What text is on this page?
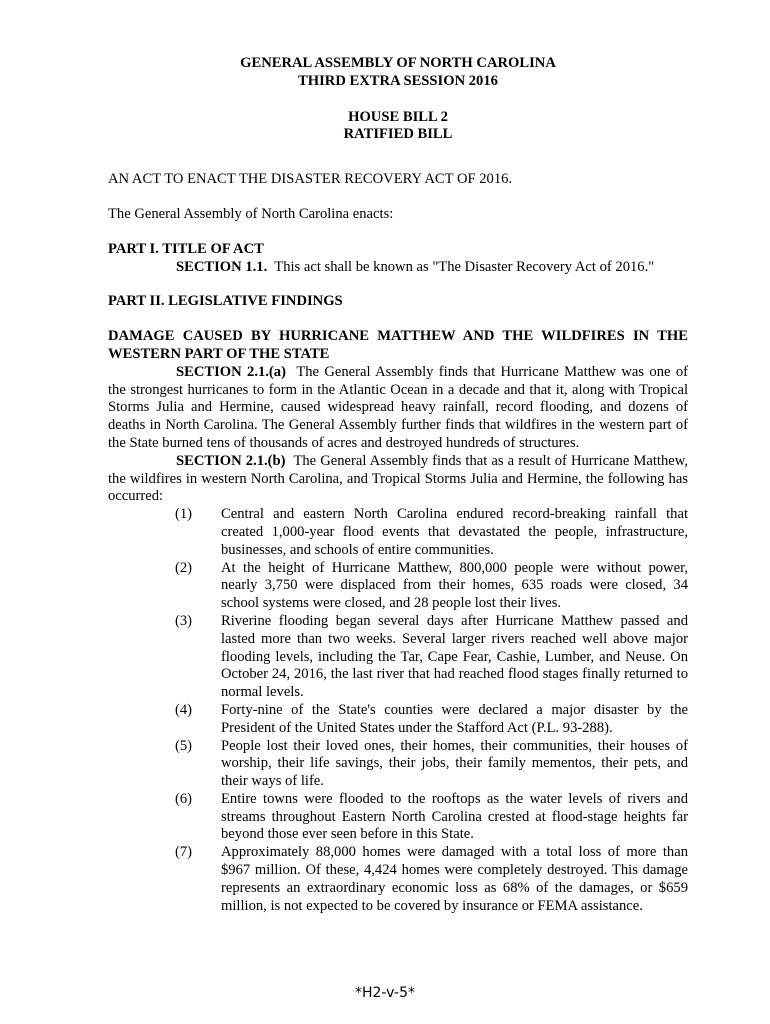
GENERAL ASSEMBLY OF NORTH CAROLINA

THIRD EXTRA SESSION 2016

HOUSE BILL 2

RATIFIED BILL

AN ACT TO ENACT THE DISASTER RECOVERY ACT OF 2016.

The General Assembly of North Carolina enacts:

PART I. TITLE OF ACT

SECTION 1.1. This act shall be known as "The Disaster Recovery Act of 2016."

PART II. LEGISLATIVE FINDINGS

DAMAGE CAUSED BY HURRICANE MATTHEW AND THE WILDFIRES IN THE WESTERN PART OF THE STATE

SECTION 2.1.(a) The General Assembly finds that Hurricane Matthew was one of the strongest hurricanes to form in the Atlantic Ocean in a decade and that it, along with Tropical Storms Julia and Hermine, caused widespread heavy rainfall, record flooding, and dozens of deaths in North Carolina. The General Assembly further finds that wildfires in the western part of the State burned tens of thousands of acres and destroyed hundreds of structures.

SECTION 2.1.(b) The General Assembly finds that as a result of Hurricane Matthew, the wildfires in western North Carolina, and Tropical Storms Julia and Hermine, the following has occurred:

(1)	Central and eastern North Carolina endured record-breaking rainfall that created 1,000-year flood events that devastated the people, infrastructure, businesses, and schools of entire communities.
(2)	At the height of Hurricane Matthew, 800,000 people were without power, nearly 3,750 were displaced from their homes, 635 roads were closed, 34 school systems were closed, and 28 people lost their lives.
(3)	Riverine flooding began several days after Hurricane Matthew passed and lasted more than two weeks. Several larger rivers reached well above major flooding levels, including the Tar, Cape Fear, Cashie, Lumber, and Neuse. On October 24, 2016, the last river that had reached flood stages finally returned to normal levels.
(4)	Forty-nine of the State's counties were declared a major disaster by the President of the United States under the Stafford Act (P.L. 93-288).
(5)	People lost their loved ones, their homes, their communities, their houses of worship, their life savings, their jobs, their family mementos, their pets, and their ways of life.
(6)	Entire towns were flooded to the rooftops as the water levels of rivers and streams throughout Eastern North Carolina crested at flood-stage heights far beyond those ever seen before in this State.
(7)	Approximately 88,000 homes were damaged with a total loss of more than $967 million. Of these, 4,424 homes were completely destroyed. This damage represents an extraordinary economic loss as 68% of the damages, or $659 million, is not expected to be covered by insurance or FEMA assistance.
*H2-v-5*
